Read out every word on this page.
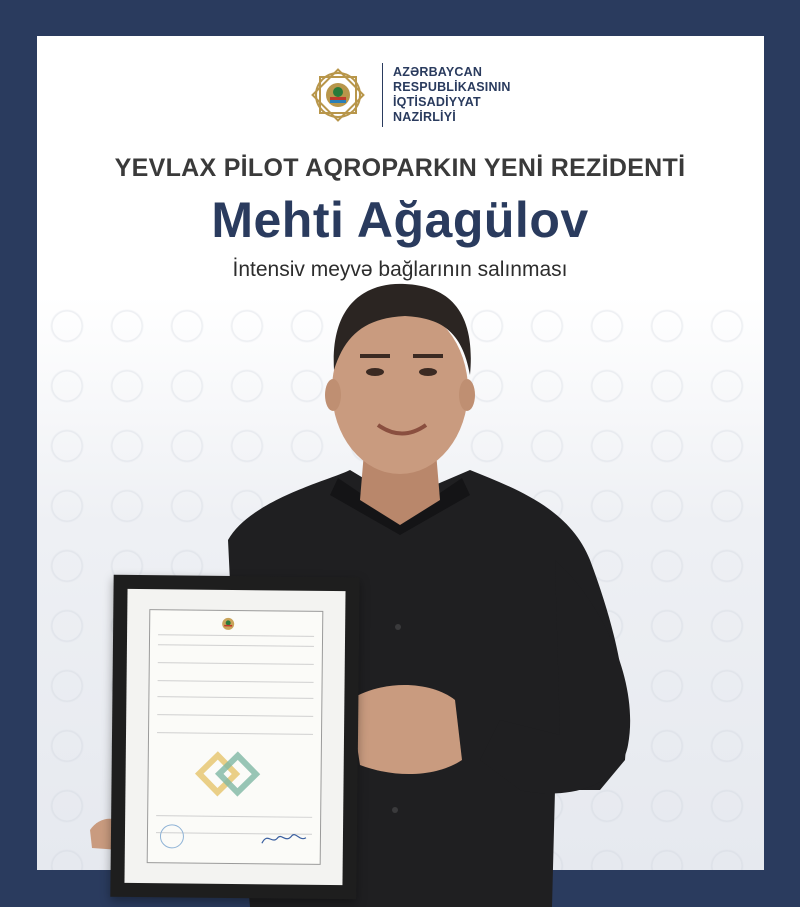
AZƏRBAYCAN
RESPUBLİKASININ
İQTİSADİYYAT
NAZİRLİYİ
YEVLAX PİLOT AQROPARKIN YENİ REZİDENTİ
Mehti Ağagülov
İntensiv meyvə bağlarının salınması
